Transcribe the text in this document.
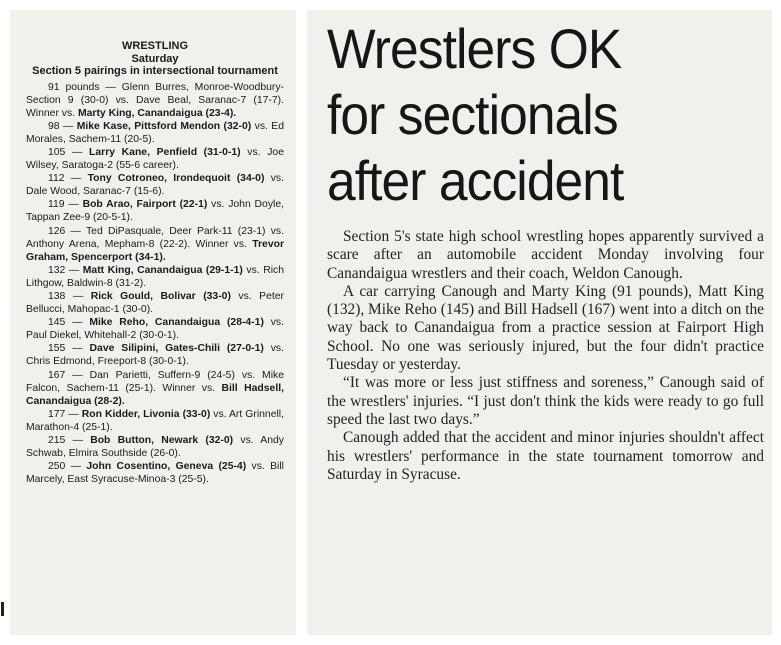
WRESTLING

Saturday

Section 5 pairings in intersectional tournament

91 pounds — Glenn Burres, Monroe-Woodbury-Section 9 (30-0) vs. Dave Beal, Saranac-7 (17-7). Winner vs. Marty King, Canandaigua (23-4).

98 — Mike Kase, Pittsford Mendon (32-0) vs. Ed Morales, Sachem-11 (20-5).

105 — Larry Kane, Penfield (31-0-1) vs. Joe Wilsey, Saratoga-2 (55-6 career).

112 — Tony Cotroneo, Irondequoit (34-0) vs. Dale Wood, Saranac-7 (15-6).

119 — Bob Arao, Fairport (22-1) vs. John Doyle, Tappan Zee-9 (20-5-1).

126 — Ted DiPasquale, Deer Park-11 (23-1) vs. Anthony Arena, Mepham-8 (22-2). Winner vs. Trevor Graham, Spencerport (34-1).

132 — Matt King, Canandaigua (29-1-1) vs. Rich Lithgow, Baldwin-8 (31-2).

138 — Rick Gould, Bolivar (33-0) vs. Peter Bellucci, Mahopac-1 (30-0).

145 — Mike Reho, Canandaigua (28-4-1) vs. Paul Diekel, Whitehall-2 (30-0-1).

155 — Dave Silipini, Gates-Chili (27-0-1) vs. Chris Edmond, Freeport-8 (30-0-1).

167 — Dan Parietti, Suffern-9 (24-5) vs. Mike Falcon, Sachem-11 (25-1). Winner vs. Bill Hadsell, Canandaigua (28-2).

177 — Ron Kidder, Livonia (33-0) vs. Art Grinnell, Marathon-4 (25-1).

215 — Bob Button, Newark (32-0) vs. Andy Schwab, Elmira Southside (26-0).

250 — John Cosentino, Geneva (25-4) vs. Bill Marcely, East Syracuse-Minoa-3 (25-5).

Wrestlers OK
for sectionals
after accident

Section 5's state high school wrestling hopes apparently survived a scare after an automobile accident Monday involving four Canandaigua wrestlers and their coach, Weldon Canough.

A car carrying Canough and Marty King (91 pounds), Matt King (132), Mike Reho (145) and Bill Hadsell (167) went into a ditch on the way back to Canandaigua from a practice session at Fairport High School. No one was seriously injured, but the four didn't practice Tuesday or yesterday.

“It was more or less just stiffness and soreness,” Canough said of the wrestlers' injuries. “I just don't think the kids were ready to go full speed the last two days.”

Canough added that the accident and minor injuries shouldn't affect his wrestlers' performance in the state tournament tomorrow and Saturday in Syracuse.
